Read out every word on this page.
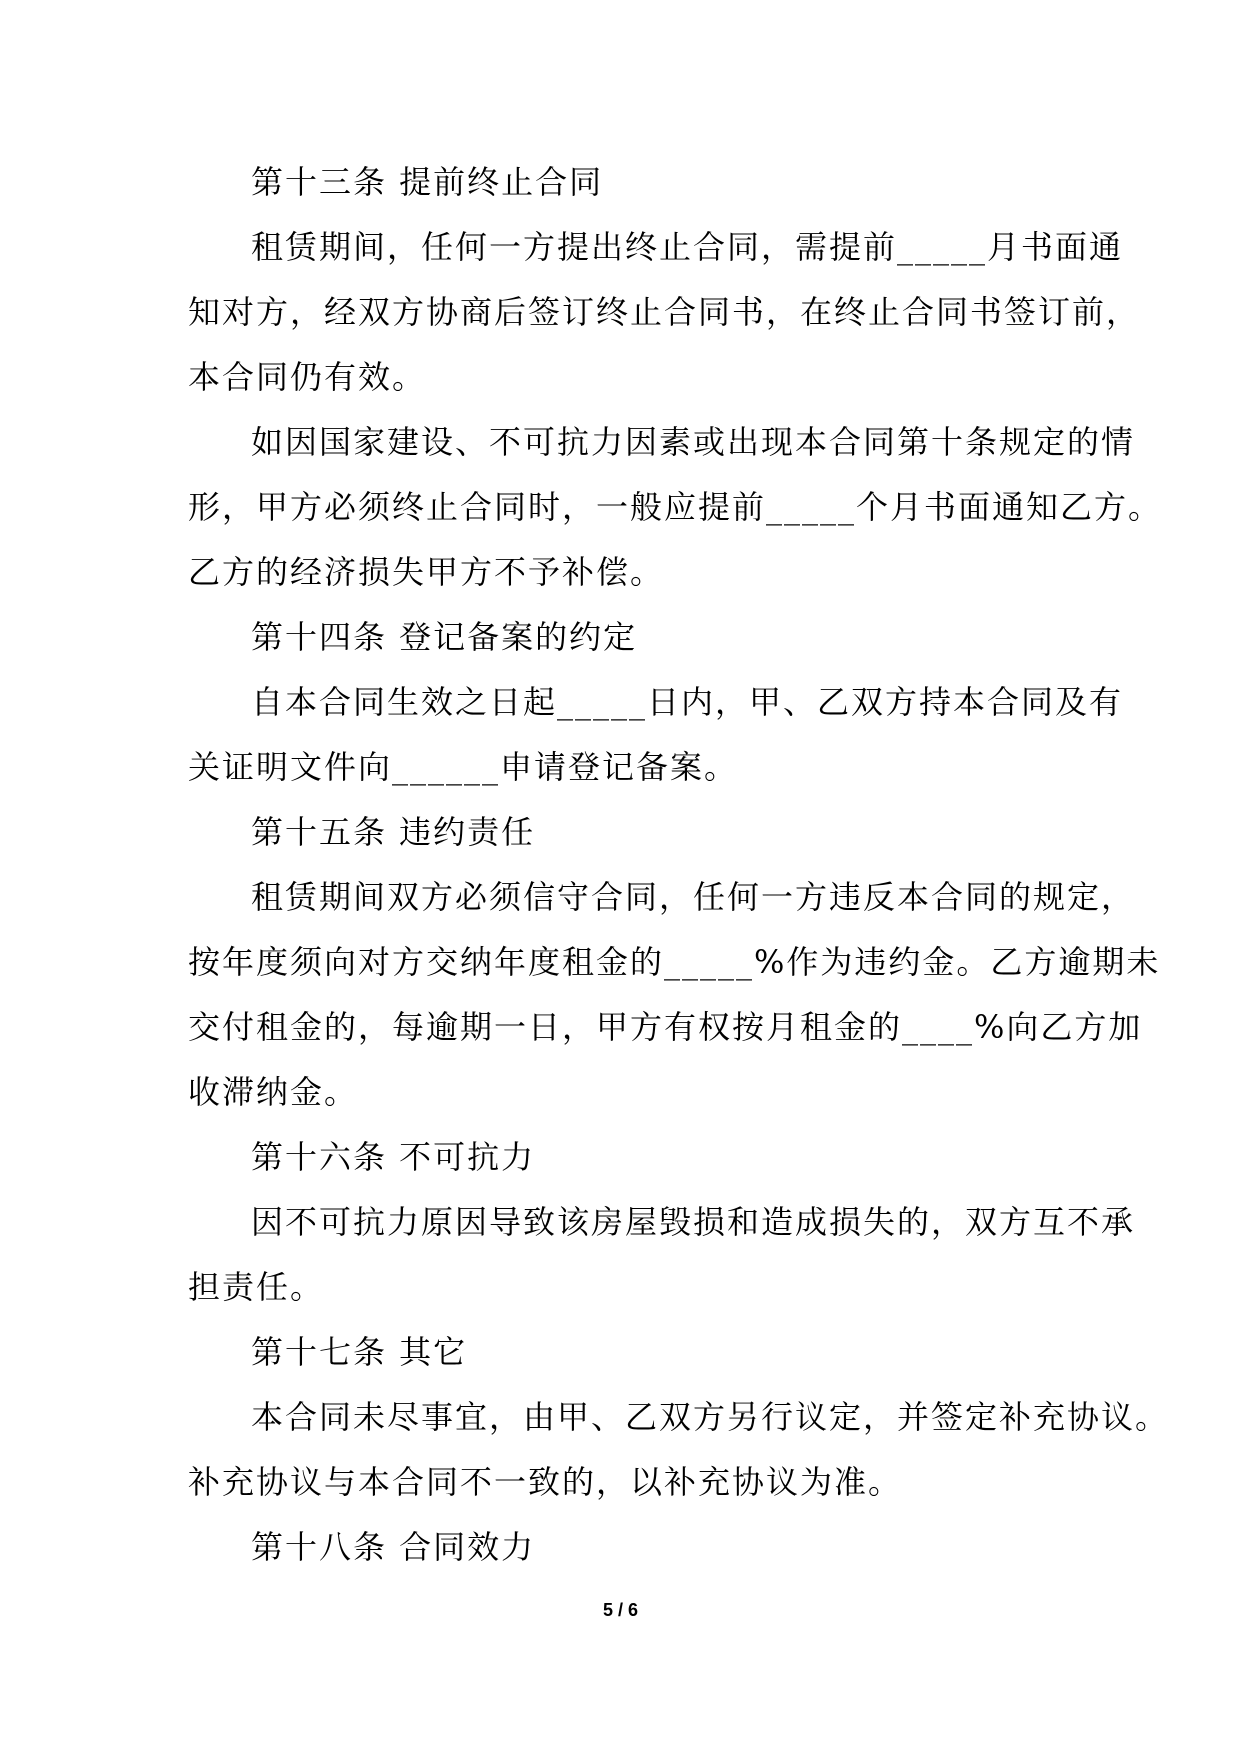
第十三条 提前终止合同
租赁期间，任何一方提出终止合同，需提前_____月书面通
知对方，经双方协商后签订终止合同书，在终止合同书签订前，
本合同仍有效。
如因国家建设、不可抗力因素或出现本合同第十条规定的情
形，甲方必须终止合同时，一般应提前_____个月书面通知乙方。
乙方的经济损失甲方不予补偿。
第十四条 登记备案的约定
自本合同生效之日起_____日内，甲、乙双方持本合同及有
关证明文件向______申请登记备案。
第十五条 违约责任
租赁期间双方必须信守合同，任何一方违反本合同的规定，
按年度须向对方交纳年度租金的_____%作为违约金。乙方逾期未
交付租金的，每逾期一日，甲方有权按月租金的____%向乙方加
收滞纳金。
第十六条 不可抗力
因不可抗力原因导致该房屋毁损和造成损失的，双方互不承
担责任。
第十七条 其它
本合同未尽事宜，由甲、乙双方另行议定，并签定补充协议。
补充协议与本合同不一致的，以补充协议为准。
第十八条 合同效力
5 / 6
